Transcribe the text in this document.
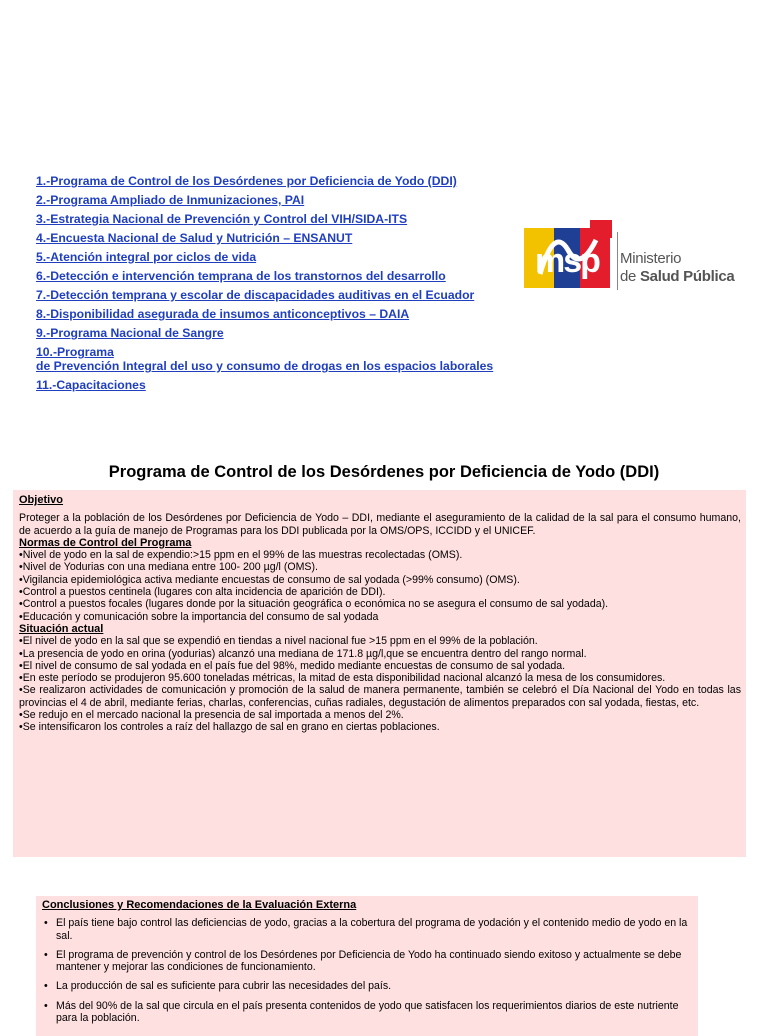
1.-Programa de Control de los Desórdenes por Deficiencia de Yodo (DDI)
2.-Programa Ampliado de Inmunizaciones, PAI
3.-Estrategia Nacional de Prevención y Control del VIH/SIDA-ITS
4.-Encuesta Nacional de Salud y Nutrición – ENSANUT
5.-Atención integral por ciclos de vida
6.-Detección e intervención temprana de los transtornos del desarrollo
7.-Detección temprana y escolar de discapacidades auditivas en el Ecuador
8.-Disponibilidad asegurada de insumos anticonceptivos – DAIA
9.-Programa Nacional de Sangre
10.-Programa
de Prevención Integral del uso y consumo de drogas en los espacios laborales
11.-Capacitaciones
msp Ministerio
de Salud Pública
Programa de Control de los Desórdenes por Deficiencia de Yodo (DDI)
Objetivo
Proteger a la población de los Desórdenes por Deficiencia de Yodo – DDI, mediante el aseguramiento de la calidad de la sal para el consumo humano, de acuerdo a la guía de manejo de Programas para los DDI publicada por la OMS/OPS, ICCIDD y el UNICEF.
Normas de Control del Programa
•Nivel de yodo en la sal de expendio:>15 ppm en el 99% de las muestras recolectadas (OMS).
•Nivel de Yodurias con una mediana entre 100- 200 µg/l (OMS).
•Vigilancia epidemiológica activa mediante encuestas de consumo de sal yodada (>99% consumo) (OMS).
•Control a puestos centinela (lugares con alta incidencia de aparición de DDI).
•Control a puestos focales (lugares donde por la situación geográfica o económica no se asegura el consumo de sal yodada).
•Educación y comunicación sobre la importancia del consumo de sal yodada
Situación actual
•El nivel de yodo en la sal que se expendió en tiendas a nivel nacional fue >15 ppm en el 99% de la población.
•La presencia de yodo en orina (yodurias) alcanzó una mediana de 171.8 µg/l,que se encuentra dentro del rango normal.
•El nivel de consumo de sal yodada en el país fue del 98%, medido mediante encuestas de consumo de sal yodada.
•En este período se produjeron 95.600 toneladas métricas, la mitad de esta disponibilidad nacional alcanzó la mesa de los consumidores.
•Se realizaron actividades de comunicación y promoción de la salud de manera permanente, también se celebró el Día Nacional del Yodo en todas las provincias el 4 de abril, mediante ferias, charlas, conferencias, cuñas radiales, degustación de alimentos preparados con sal yodada, fiestas, etc.
•Se redujo en el mercado nacional la presencia de sal importada a menos del 2%.
•Se intensificaron los controles a raíz del hallazgo de sal en grano en ciertas poblaciones.
Conclusiones y Recomendaciones de la Evaluación Externa
• El país tiene bajo control las deficiencias de yodo, gracias a la cobertura del programa de yodación y el contenido medio de yodo en la sal.
• El programa de prevención y control de los Desórdenes por Deficiencia de Yodo ha continuado siendo exitoso y actualmente se debe mantener y mejorar las condiciones de funcionamiento.
• La producción de sal es suficiente para cubrir las necesidades del país.
• Más del 90% de la sal que circula en el país presenta contenidos de yodo que satisfacen los requerimientos diarios de este nutriente para la población.
